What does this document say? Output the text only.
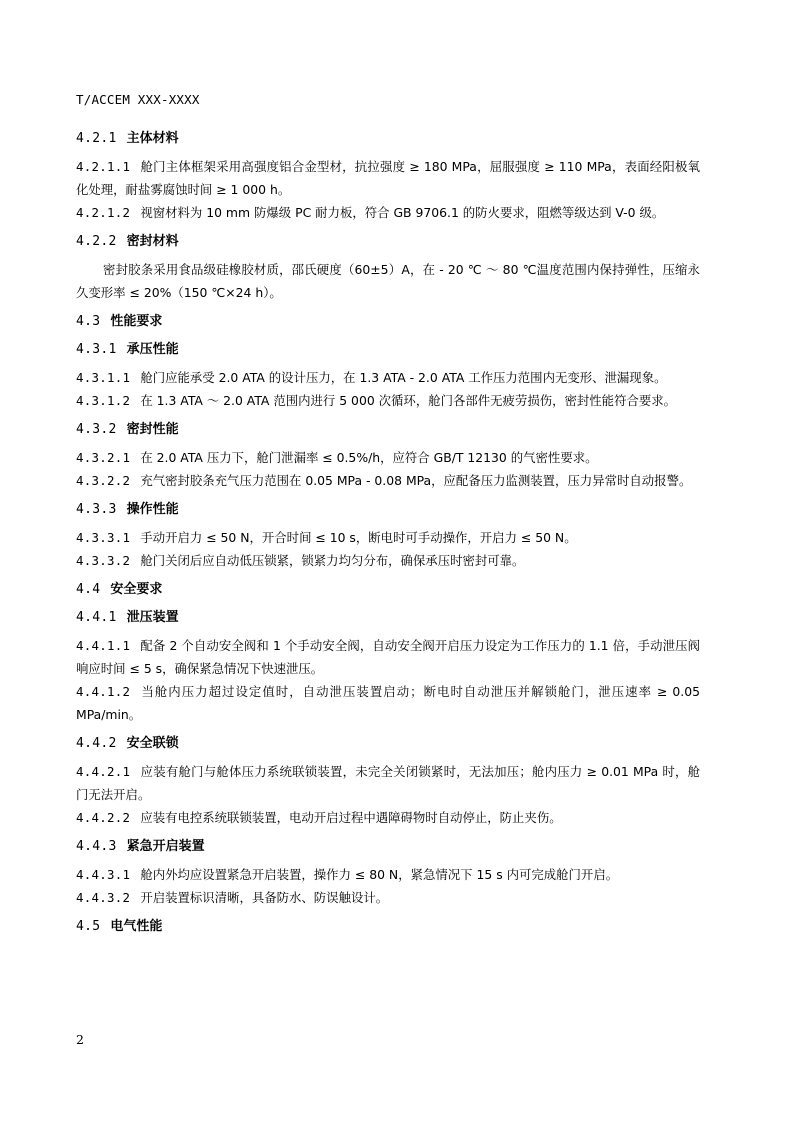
T/ACCEM XXX-XXXX
4.2.1 主体材料
4.2.1.1 舱门主体框架采用高强度铝合金型材，抗拉强度 ≥ 180 MPa，屈服强度 ≥ 110 MPa，表面经阳极氧化处理，耐盐雾腐蚀时间 ≥ 1 000 h。
4.2.1.2 视窗材料为 10 mm 防爆级 PC 耐力板，符合 GB 9706.1 的防火要求，阻燃等级达到 V-0 级。
4.2.2 密封材料
密封胶条采用食品级硅橡胶材质，邵氏硬度（60±5）A，在 - 20 ℃ ～ 80 ℃温度范围内保持弹性，压缩永久变形率 ≤ 20%（150 ℃×24 h）。
4.3 性能要求
4.3.1 承压性能
4.3.1.1 舱门应能承受 2.0 ATA 的设计压力，在 1.3 ATA - 2.0 ATA 工作压力范围内无变形、泄漏现象。
4.3.1.2 在 1.3 ATA ～ 2.0 ATA 范围内进行 5 000 次循环，舱门各部件无疲劳损伤，密封性能符合要求。
4.3.2 密封性能
4.3.2.1 在 2.0 ATA 压力下，舱门泄漏率 ≤ 0.5%/h，应符合 GB/T 12130 的气密性要求。
4.3.2.2 充气密封胶条充气压力范围在 0.05 MPa - 0.08 MPa，应配备压力监测装置，压力异常时自动报警。
4.3.3 操作性能
4.3.3.1 手动开启力 ≤ 50 N，开合时间 ≤ 10 s，断电时可手动操作，开启力 ≤ 50 N。
4.3.3.2 舱门关闭后应自动低压锁紧，锁紧力均匀分布，确保承压时密封可靠。
4.4 安全要求
4.4.1 泄压装置
4.4.1.1 配备 2 个自动安全阀和 1 个手动安全阀，自动安全阀开启压力设定为工作压力的 1.1 倍，手动泄压阀响应时间 ≤ 5 s，确保紧急情况下快速泄压。
4.4.1.2 当舱内压力超过设定值时，自动泄压装置启动；断电时自动泄压并解锁舱门，泄压速率 ≥ 0.05 MPa/min。
4.4.2 安全联锁
4.4.2.1 应装有舱门与舱体压力系统联锁装置，未完全关闭锁紧时，无法加压；舱内压力 ≥ 0.01 MPa 时，舱门无法开启。
4.4.2.2 应装有电控系统联锁装置，电动开启过程中遇障碍物时自动停止，防止夹伤。
4.4.3 紧急开启装置
4.4.3.1 舱内外均应设置紧急开启装置，操作力 ≤ 80 N，紧急情况下 15 s 内可完成舱门开启。
4.4.3.2 开启装置标识清晰，具备防水、防误触设计。
4.5 电气性能
2
